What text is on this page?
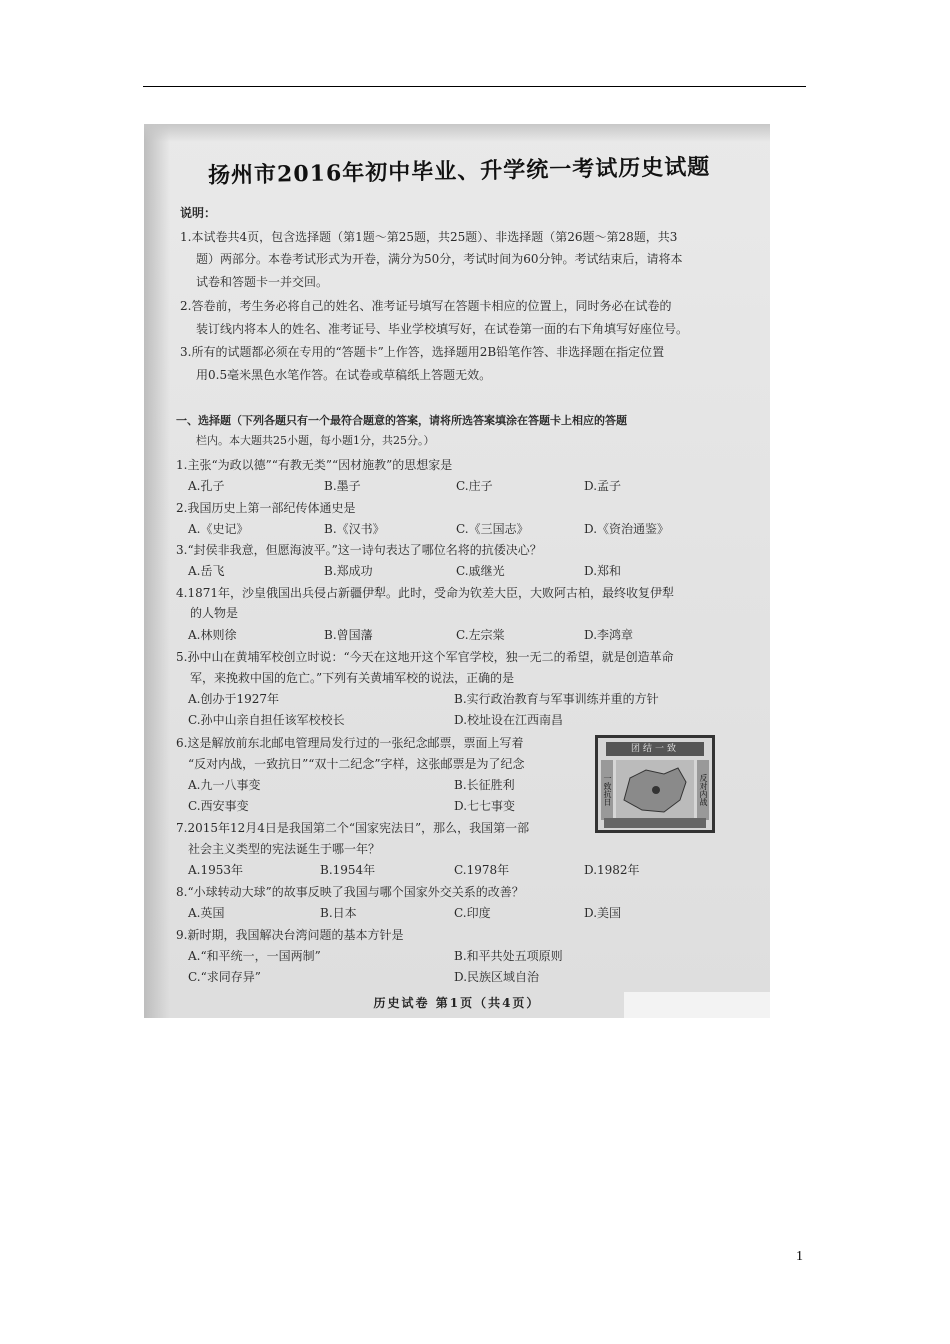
扬州市2016年初中毕业、升学统一考试历史试题
说明：
1.本试卷共4页，包含选择题（第1题～第25题，共25题）、非选择题（第26题～第28题，共3
题）两部分。本卷考试形式为开卷，满分为50分，考试时间为60分钟。考试结束后，请将本
试卷和答题卡一并交回。
2.答卷前，考生务必将自己的姓名、准考证号填写在答题卡相应的位置上，同时务必在试卷的
装订线内将本人的姓名、准考证号、毕业学校填写好，在试卷第一面的右下角填写好座位号。
3.所有的试题都必须在专用的“答题卡”上作答，选择题用2B铅笔作答、非选择题在指定位置
用0.5毫米黑色水笔作答。在试卷或草稿纸上答题无效。
一、选择题（下列各题只有一个最符合题意的答案，请将所选答案填涂在答题卡上相应的答题
栏内。本大题共25小题，每小题1分，共25分。）
1.主张“为政以德”“有教无类”“因材施教”的思想家是
A.孔子	B.墨子	C.庄子	D.孟子
2.我国历史上第一部纪传体通史是
A.《史记》	B.《汉书》	C.《三国志》	D.《资治通鉴》
3.“封侯非我意，但愿海波平。”这一诗句表达了哪位名将的抗倭决心？
A.岳飞	B.郑成功	C.戚继光	D.郑和
4.1871年，沙皇俄国出兵侵占新疆伊犁。此时，受命为钦差大臣，大败阿古柏，最终收复伊犁
的人物是
A.林则徐	B.曾国藩	C.左宗棠	D.李鸿章
5.孙中山在黄埔军校创立时说：“今天在这地开这个军官学校，独一无二的希望，就是创造革命
军，来挽救中国的危亡。”下列有关黄埔军校的说法，正确的是
A.创办于1927年	B.实行政治教育与军事训练并重的方针
C.孙中山亲自担任该军校校长	D.校址设在江西南昌
6.这是解放前东北邮电管理局发行过的一张纪念邮票，票面上写着
“反对内战，一致抗日”“双十二纪念”字样，这张邮票是为了纪念
A.九一八事变	B.长征胜利
C.西安事变	D.七七事变
团结一致
一致抗日	反对内战
7.2015年12月4日是我国第二个“国家宪法日”，那么，我国第一部
社会主义类型的宪法诞生于哪一年？
A.1953年	B.1954年	C.1978年	D.1982年
8.“小球转动大球”的故事反映了我国与哪个国家外交关系的改善？
A.英国	B.日本	C.印度	D.美国
9.新时期，我国解决台湾问题的基本方针是
A.“和平统一，一国两制”	B.和平共处五项原则
C.“求同存异”	D.民族区域自治
历史试卷 第1页（共4页）
1
